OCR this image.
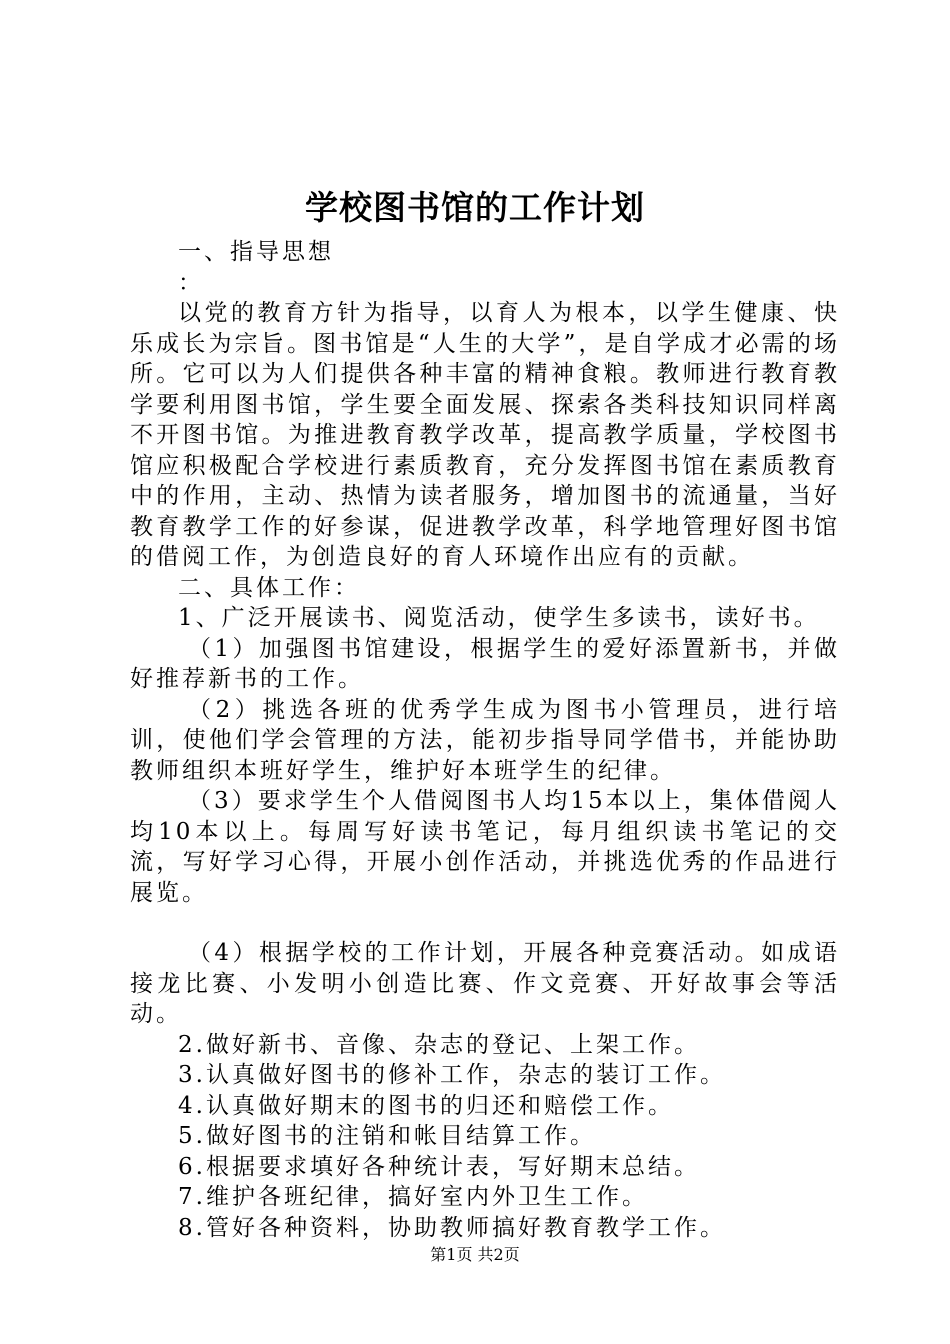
学校图书馆的工作计划

一、指导思想

：

以党的教育方针为指导，以育人为根本，以学生健康、快乐成长为宗旨。图书馆是“人生的大学”，是自学成才必需的场所。它可以为人们提供各种丰富的精神食粮。教师进行教育教学要利用图书馆，学生要全面发展、探索各类科技知识同样离不开图书馆。为推进教育教学改革，提高教学质量，学校图书馆应积极配合学校进行素质教育，充分发挥图书馆在素质教育中的作用，主动、热情为读者服务，增加图书的流通量，当好教育教学工作的好参谋，促进教学改革，科学地管理好图书馆的借阅工作，为创造良好的育人环境作出应有的贡献。

二、具体工作：

1、广泛开展读书、阅览活动，使学生多读书，读好书。

（1）加强图书馆建设，根据学生的爱好添置新书，并做好推荐新书的工作。

（2）挑选各班的优秀学生成为图书小管理员，进行培训，使他们学会管理的方法，能初步指导同学借书，并能协助教师组织本班好学生，维护好本班学生的纪律。

（3）要求学生个人借阅图书人均15本以上，集体借阅人均10本以上。每周写好读书笔记，每月组织读书笔记的交流，写好学习心得，开展小创作活动，并挑选优秀的作品进行展览。

（4）根据学校的工作计划，开展各种竞赛活动。如成语接龙比赛、小发明小创造比赛、作文竞赛、开好故事会等活动。

2.做好新书、音像、杂志的登记、上架工作。

3.认真做好图书的修补工作，杂志的装订工作。

4.认真做好期末的图书的归还和赔偿工作。

5.做好图书的注销和帐目结算工作。

6.根据要求填好各种统计表，写好期末总结。

7.维护各班纪律，搞好室内外卫生工作。

8.管好各种资料，协助教师搞好教育教学工作。

第1页 共2页
